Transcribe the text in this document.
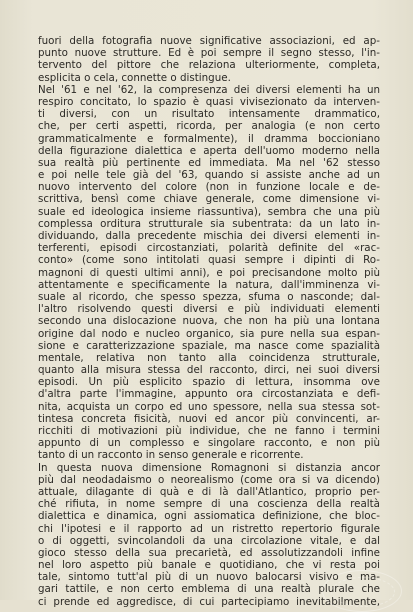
fuori della fotografia nuove significative associazioni, ed ap-
punto nuove strutture. Ed è poi sempre il segno stesso, l'in-
tervento del pittore che relaziona ulteriormente, completa,
esplicita o cela, connette o distingue.
Nel '61 e nel '62, la compresenza dei diversi elementi ha un
respiro concitato, lo spazio è quasi vivisezionato da interven-
ti diversi, con un risultato intensamente drammatico,
che, per certi aspetti, ricorda, per analogia (e non certo
grammaticalmente e formalmente), il dramma boccioniano
della figurazione dialettica e aperta dell'uomo moderno nella
sua realtà più pertinente ed immediata. Ma nel '62 stesso
e poi nelle tele già del '63, quando si assiste anche ad un
nuovo intervento del colore (non in funzione locale e de-
scrittiva, bensì come chiave generale, come dimensione vi-
suale ed ideologica insieme riassuntiva), sembra che una più
complessa orditura strutturale sia subentrata: da un lato in-
dividuando, dalla precedente mischia dei diversi elementi in-
terferenti, episodi circostanziati, polarità definite del «rac-
conto» (come sono intitolati quasi sempre i dipinti di Ro-
magnoni di questi ultimi anni), e poi precisandone molto più
attentamente e specificamente la natura, dall'imminenza vi-
suale al ricordo, che spesso spezza, sfuma o nasconde; dal-
l'altro risolvendo questi diversi e più individuati elementi
secondo una dislocazione nuova, che non ha più una lontana
origine dal nodo e nucleo organico, sia pure nella sua espan-
sione e caratterizzazione spaziale, ma nasce come spazialità
mentale, relativa non tanto alla coincidenza strutturale,
quanto alla misura stessa del racconto, dirci, nei suoi diversi
episodi. Un più esplicito spazio di lettura, insomma ove
d'altra parte l'immagine, appunto ora circostanziata e defi-
nita, acquista un corpo ed uno spessore, nella sua stessa sot-
tintesa concreta fisicità, nuovi ed ancor più convincenti, ar-
ricchiti di motivazioni più individue, che ne fanno i termini
appunto di un complesso e singolare racconto, e non più
tanto di un racconto in senso generale e ricorrente.
In questa nuova dimensione Romagnoni si distanzia ancor
più dal neodadaismo o neorealismo (come ora si va dicendo)
attuale, dilagante di quà e di là dall'Atlantico, proprio per-
ché rifiuta, in nome sempre di una coscienza della realtà
dialettica e dinamica, ogni assiomatica definizione, che bloc-
chi l'ipotesi e il rapporto ad un ristretto repertorio figurale
o di oggetti, svincolandoli da una circolazione vitale, e dal
gioco stesso della sua precarietà, ed assolutizzandoli infine
nel loro aspetto più banale e quotidiano, che vi resta poi
tale, sintomo tutt'al più di un nuovo balocarsi visivo e ma-
gari tattile, e non certo emblema di una realtà plurale che
ci prende ed aggredisce, di cui partecipiamo inevitabilmente,
